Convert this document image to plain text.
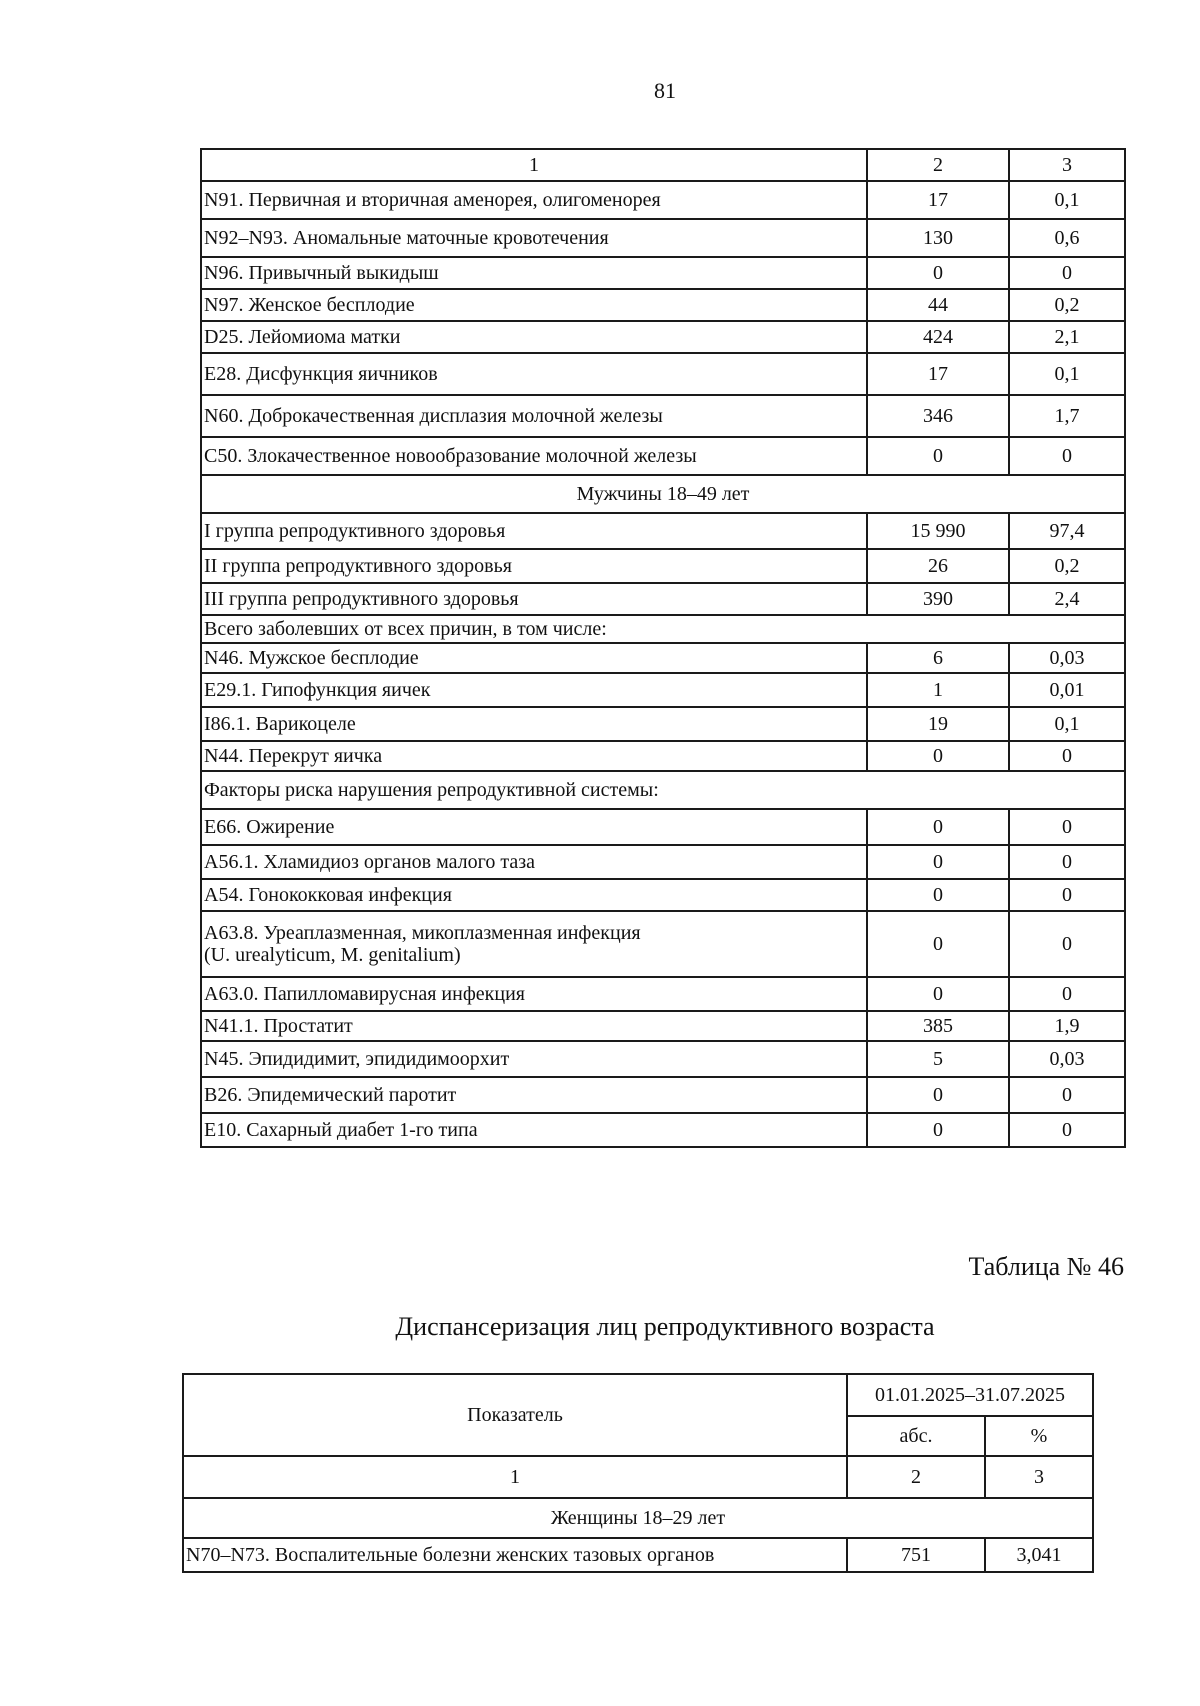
81
1	2	3
N91. Первичная и вторичная аменорея, олигоменорея	17	0,1
N92–N93. Аномальные маточные кровотечения	130	0,6
N96. Привычный выкидыш	0	0
N97. Женское бесплодие	44	0,2
D25. Лейомиома матки	424	2,1
E28. Дисфункция яичников	17	0,1
N60. Доброкачественная дисплазия молочной железы	346	1,7
C50. Злокачественное новообразование молочной железы	0	0
Мужчины 18–49 лет		
I группа репродуктивного здоровья	15 990	97,4
II группа репродуктивного здоровья	26	0,2
III группа репродуктивного здоровья	390	2,4
Всего заболевших от всех причин, в том числе:		
N46. Мужское бесплодие	6	0,03
E29.1. Гипофункция яичек	1	0,01
I86.1. Варикоцеле	19	0,1
N44. Перекрут яичка	0	0
Факторы риска нарушения репродуктивной системы:		
E66. Ожирение	0	0
A56.1. Хламидиоз органов малого таза	0	0
A54. Гонококковая инфекция	0	0
A63.8. Уреаплазменная, микоплазменная инфекция
(U. urealyticum, M. genitalium)	0	0
A63.0. Папилломавирусная инфекция	0	0
N41.1. Простатит	385	1,9
N45. Эпидидимит, эпидидимоорхит	5	0,03
B26. Эпидемический паротит	0	0
E10. Сахарный диабет 1-го типа	0	0
Таблица № 46
Диспансеризация лиц репродуктивного возраста
Показатель	01.01.2025–31.07.2025	
	абс.	%
1	2	3
Женщины 18–29 лет		
N70–N73. Воспалительные болезни женских тазовых органов	751	3,041
